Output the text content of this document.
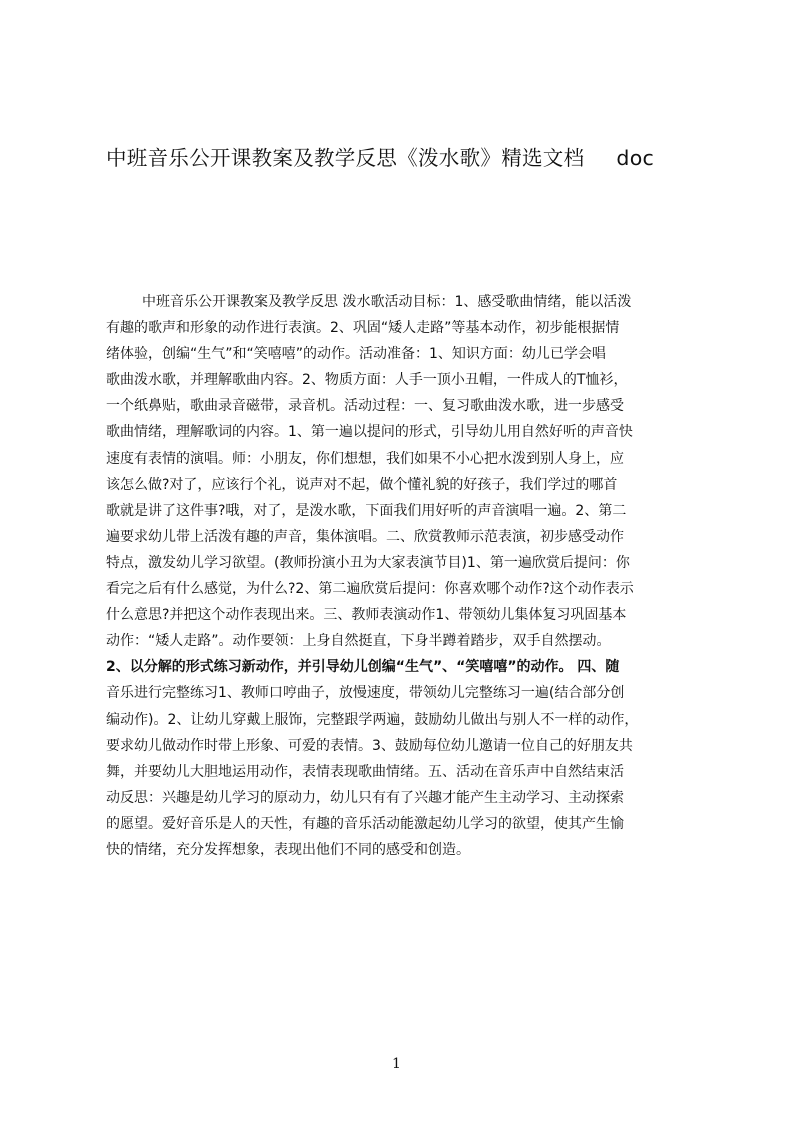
中班音乐公开课教案及教学反思《泼水歌》精选文档 doc
中班音乐公开课教案及教学反思 泼水歌活动目标：1、感受歌曲情绪，能以活泼
有趣的歌声和形象的动作进行表演。2、巩固“矮人走路”等基本动作，初步能根据情
绪体验，创编“生气”和“笑嘻嘻”的动作。活动准备：1、知识方面：幼儿已学会唱
歌曲泼水歌，并理解歌曲内容。2、物质方面：人手一顶小丑帽，一件成人的T恤衫，
一个纸鼻贴，歌曲录音磁带，录音机。活动过程：一、复习歌曲泼水歌，进一步感受
歌曲情绪，理解歌词的内容。1、第一遍以提问的形式，引导幼儿用自然好听的声音快
速度有表情的演唱。师：小朋友，你们想想，我们如果不小心把水泼到别人身上，应
该怎么做?对了，应该行个礼，说声对不起，做个懂礼貌的好孩子，我们学过的哪首
歌就是讲了这件事?哦，对了，是泼水歌，下面我们用好听的声音演唱一遍。2、第二
遍要求幼儿带上活泼有趣的声音，集体演唱。二、欣赏教师示范表演，初步感受动作
特点，激发幼儿学习欲望。(教师扮演小丑为大家表演节目)1、第一遍欣赏后提问：你
看完之后有什么感觉，为什么?2、第二遍欣赏后提问：你喜欢哪个动作?这个动作表示
什么意思?并把这个动作表现出来。三、教师表演动作1、带领幼儿集体复习巩固基本
动作：“矮人走路”。动作要领：上身自然挺直，下身半蹲着踏步，双手自然摆动。
2、以分解的形式练习新动作，并引导幼儿创编“生气”、“笑嘻嘻”的动作。 四、随
音乐进行完整练习1、教师口哼曲子，放慢速度，带领幼儿完整练习一遍(结合部分创
编动作)。2、让幼儿穿戴上服饰，完整跟学两遍，鼓励幼儿做出与别人不一样的动作，
要求幼儿做动作时带上形象、可爱的表情。3、鼓励每位幼儿邀请一位自己的好朋友共
舞，并要幼儿大胆地运用动作，表情表现歌曲情绪。五、活动在音乐声中自然结束活
动反思：兴趣是幼儿学习的原动力，幼儿只有有了兴趣才能产生主动学习、主动探索
的愿望。爱好音乐是人的天性，有趣的音乐活动能激起幼儿学习的欲望，使其产生愉
快的情绪，充分发挥想象，表现出他们不同的感受和创造。
1
